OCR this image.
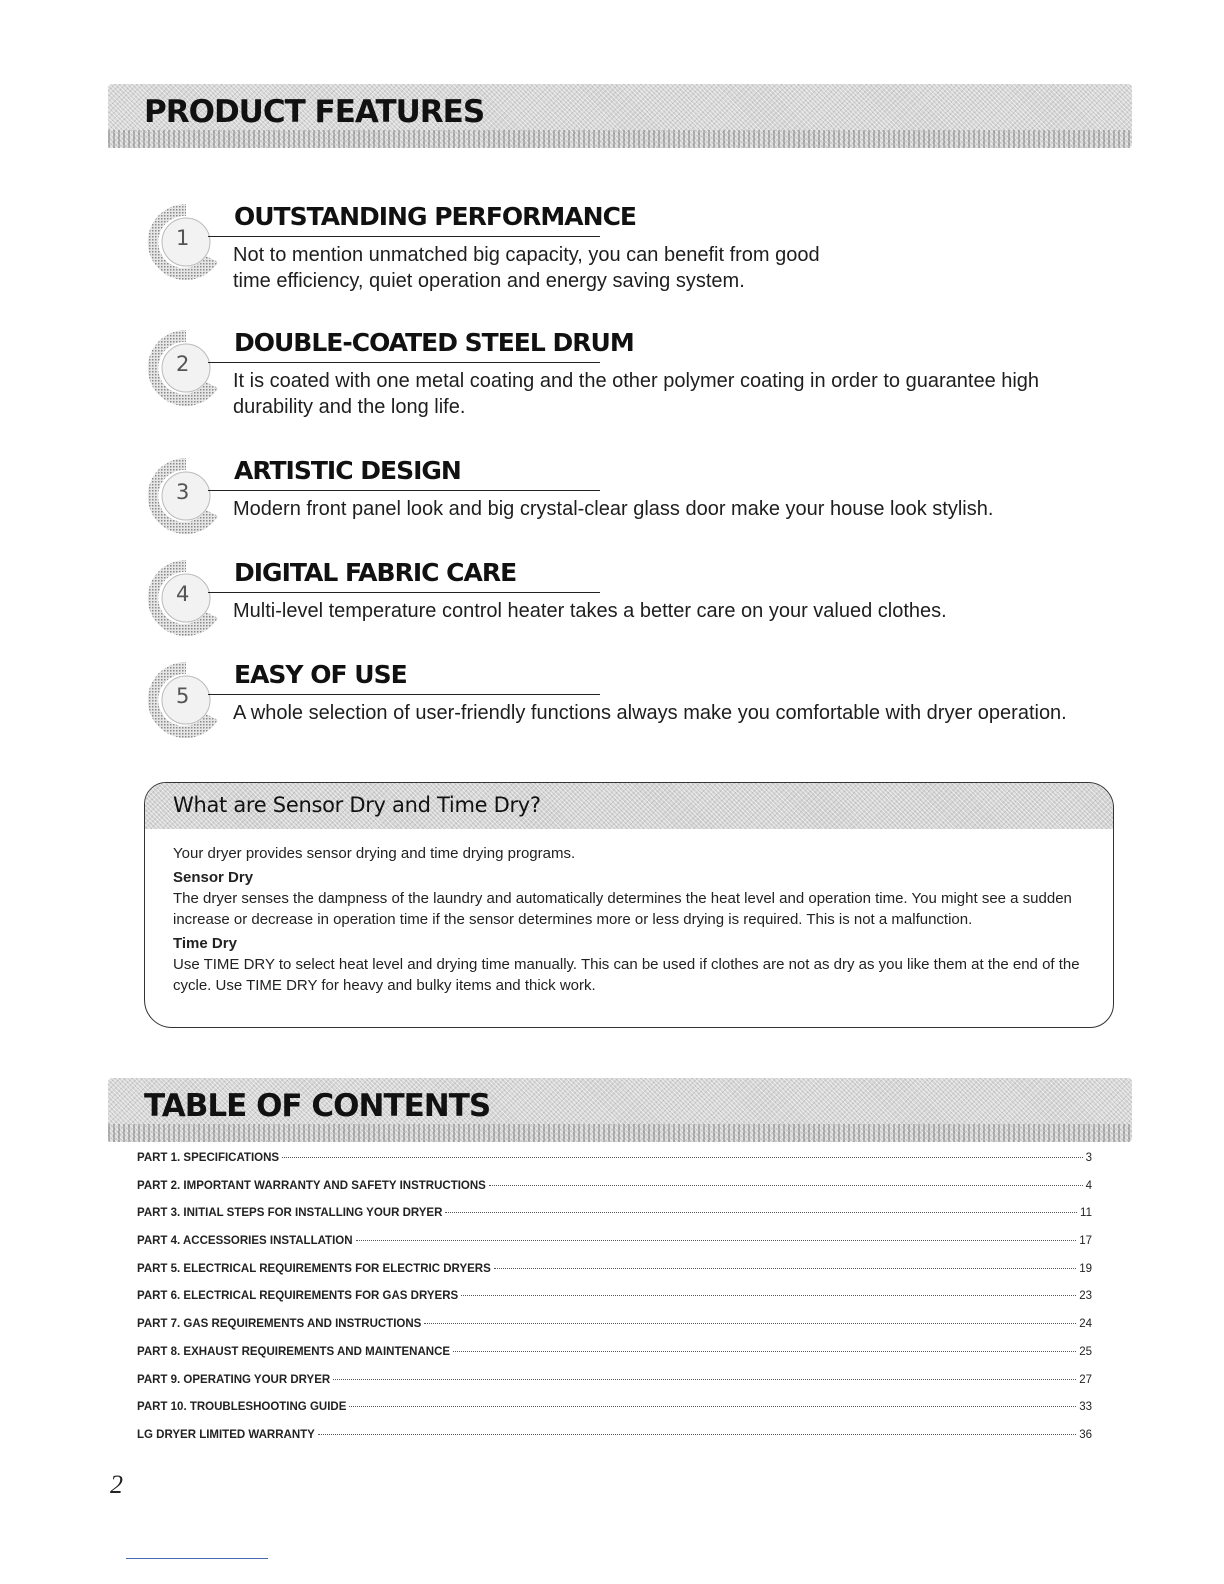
PRODUCT FEATURES
1
OUTSTANDING PERFORMANCE

Not to mention unmatched big capacity, you can benefit from good
time efficiency, quiet operation and energy saving system.

2
DOUBLE-COATED STEEL DRUM

It is coated with one metal coating and the other polymer coating in order to guarantee high
durability and the long life.

3
ARTISTIC DESIGN

Modern front panel look and big crystal-clear glass door make your house look stylish.

4
DIGITAL FABRIC CARE

Multi-level temperature control heater takes a better care on your valued clothes.

5
EASY OF USE

A whole selection of user-friendly functions always make you comfortable with dryer operation.

What are Sensor Dry and Time Dry?

Your dryer provides sensor drying and time drying programs.

Sensor Dry

The dryer senses the dampness of the laundry and automatically determines the heat level and operation time. You might see a sudden increase or decrease in operation time if the sensor determines more or less drying is required. This is not a malfunction.

Time Dry

Use TIME DRY to select heat level and drying time manually. This can be used if clothes are not as dry as you like them at the end of the cycle. Use TIME DRY for heavy and bulky items and thick work.

TABLE OF CONTENTS
PART 1. SPECIFICATIONS	3
PART 2. IMPORTANT WARRANTY AND SAFETY INSTRUCTIONS	4
PART 3. INITIAL STEPS FOR INSTALLING YOUR DRYER	11
PART 4. ACCESSORIES INSTALLATION	17
PART 5. ELECTRICAL REQUIREMENTS FOR ELECTRIC DRYERS	19
PART 6. ELECTRICAL REQUIREMENTS FOR GAS DRYERS	23
PART 7. GAS REQUIREMENTS AND INSTRUCTIONS	24
PART 8. EXHAUST REQUIREMENTS AND MAINTENANCE	25
PART 9. OPERATING YOUR DRYER	27
PART 10. TROUBLESHOOTING GUIDE	33
LG DRYER LIMITED WARRANTY	36
2
